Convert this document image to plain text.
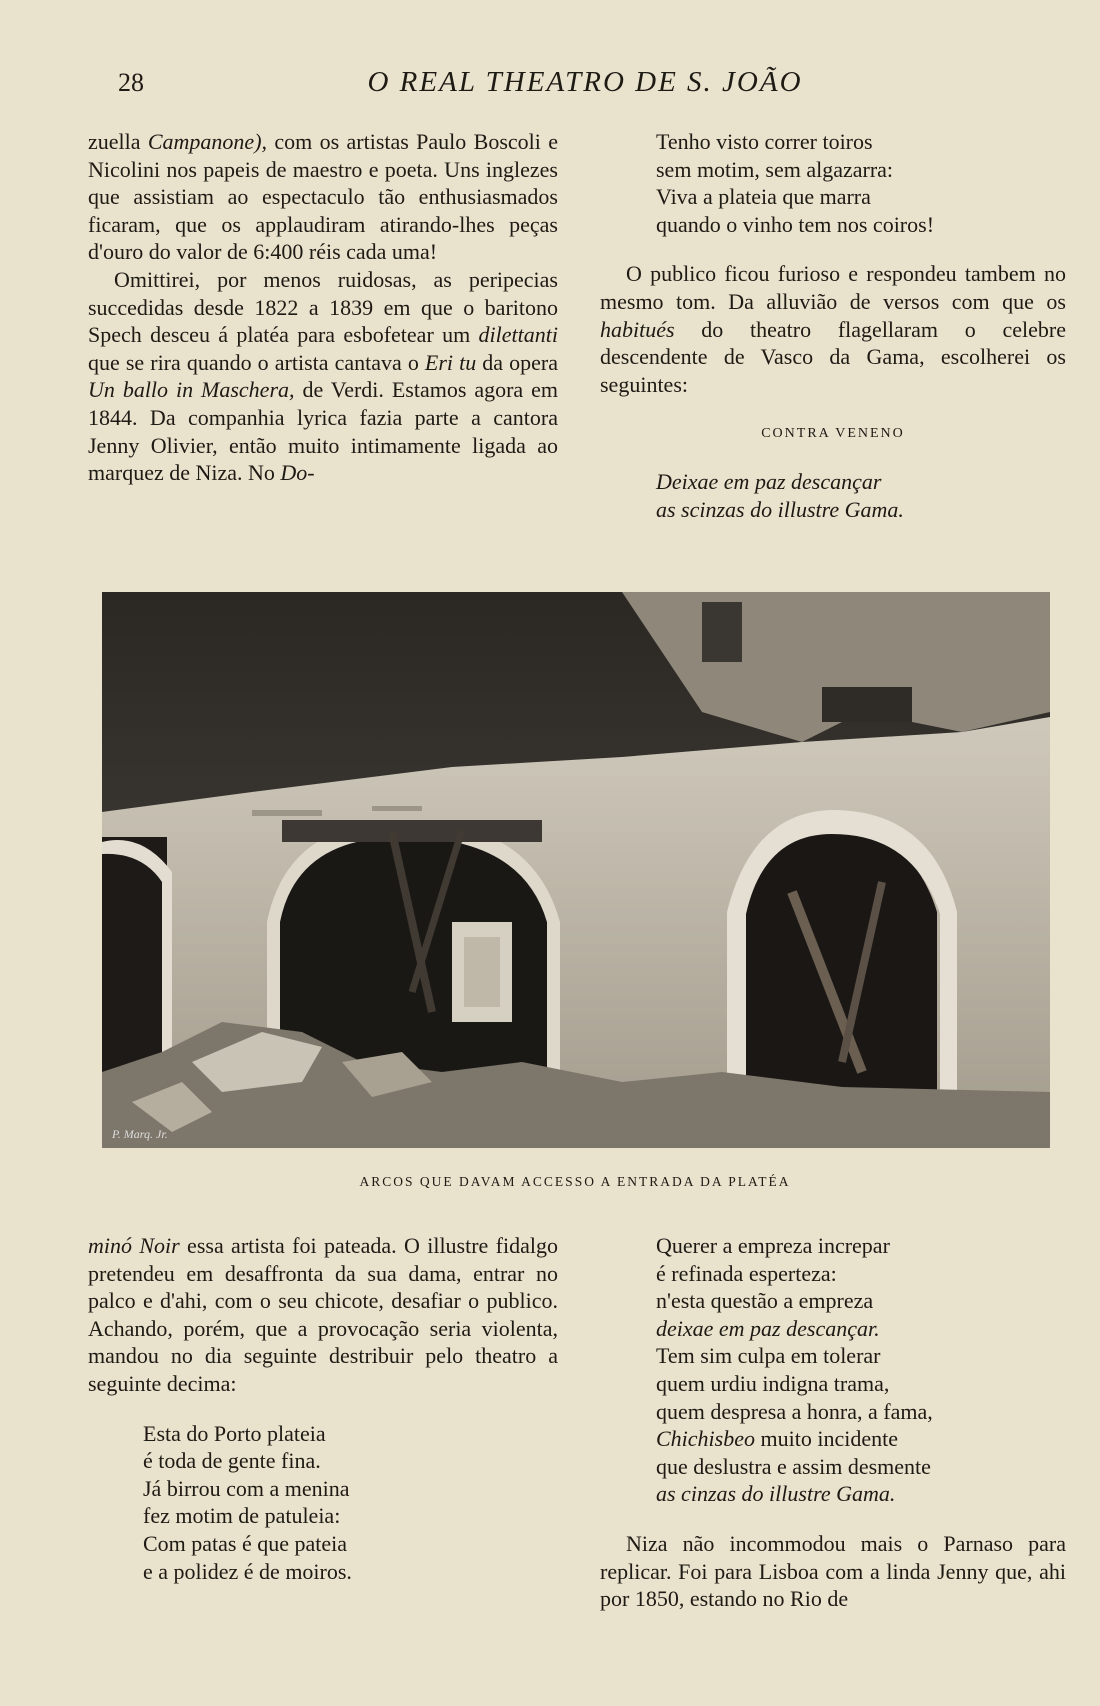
28	O REAL THEATRO DE S. JOÃO

zuella Campanone), com os artistas Paulo Boscoli e Nicolini nos papeis de maestro e poeta. Uns inglezes que assistiam ao espectaculo tão enthusiasmados ficaram, que os applaudiram atirando-lhes peças d'ouro do valor de 6:400 réis cada uma!

Omittirei, por menos ruidosas, as peripecias succedidas desde 1822 a 1839 em que o baritono Spech desceu á platéa para esbofetear um dilettanti que se rira quando o artista cantava o Eri tu da opera Un ballo in Maschera, de Verdi. Estamos agora em 1844. Da companhia lyrica fazia parte a cantora Jenny Olivier, então muito intimamente ligada ao marquez de Niza. No Do-

Tenho visto correr toiros
sem motim, sem algazarra:
Viva a plateia que marra
quando o vinho tem nos coiros!

O publico ficou furioso e respondeu tambem no mesmo tom. Da alluvião de versos com que os habitués do theatro flagellaram o celebre descendente de Vasco da Gama, escolherei os seguintes:

CONTRA VENENO
Deixae em paz descançar
as scinzas do illustre Gama.
P. Marq. Jr.
ARCOS QUE DAVAM ACCESSO A ENTRADA DA PLATÉA

minó Noir essa artista foi pateada. O illustre fidalgo pretendeu em desaffronta da sua dama, entrar no palco e d'ahi, com o seu chicote, desafiar o publico. Achando, porém, que a provocação seria violenta, mandou no dia seguinte destribuir pelo theatro a seguinte decima:

Esta do Porto plateia
é toda de gente fina.
Já birrou com a menina
fez motim de patuleia:
Com patas é que pateia
e a polidez é de moiros.
Querer a empreza increpar
é refinada esperteza:
n'esta questão a empreza
deixae em paz descançar.
Tem sim culpa em tolerar
quem urdiu indigna trama,
quem despresa a honra, a fama,
Chichisbeo muito incidente
que deslustra e assim desmente
as cinzas do illustre Gama.

Niza não incommodou mais o Parnaso para replicar. Foi para Lisboa com a linda Jenny que, ahi por 1850, estando no Rio de
